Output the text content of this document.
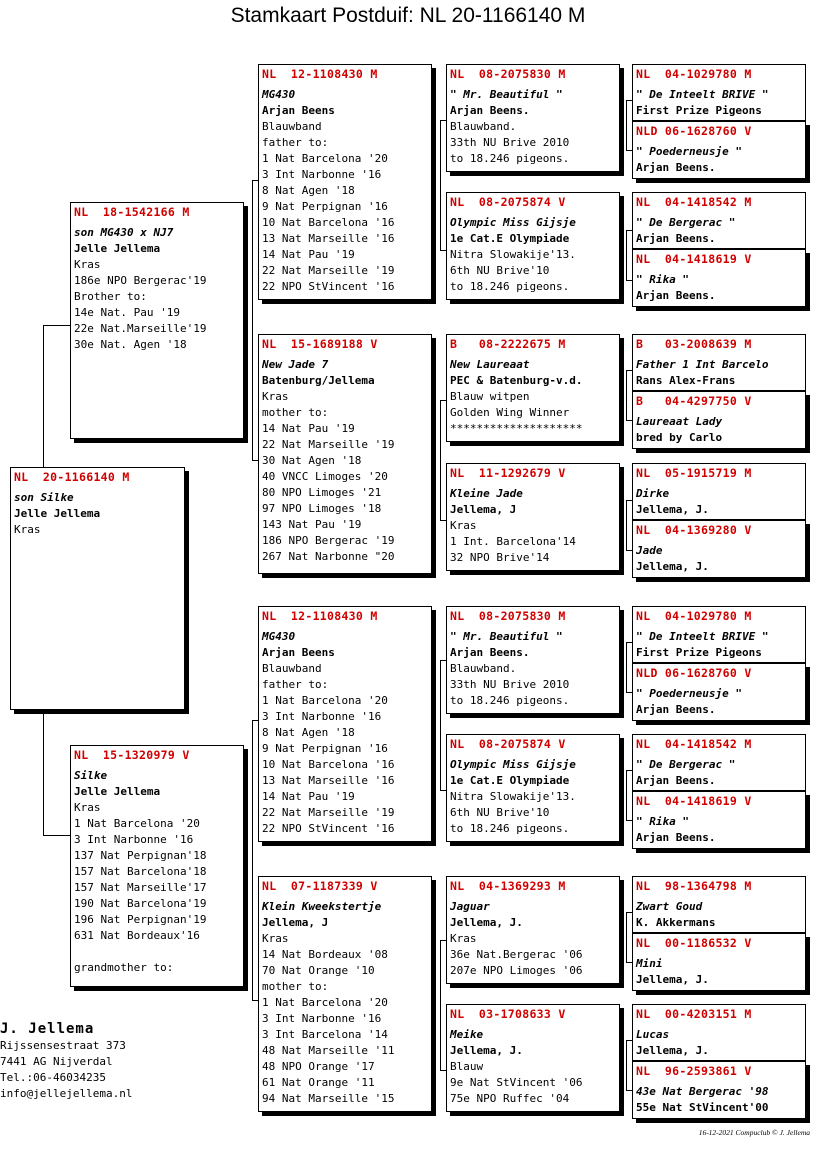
Stamkaart Postduif: NL 20-1166140 M
NL  20-1166140 M
son Silke
Jelle Jellema
Kras
NL  18-1542166 M
son MG430 x NJ7
Jelle Jellema
Kras
186e NPO Bergerac'19
Brother to:
14e Nat. Pau '19
22e Nat.Marseille'19
30e Nat. Agen '18
NL  15-1320979 V
Silke
Jelle Jellema
Kras
1 Nat Barcelona '20
3 Int Narbonne '16
137 Nat Perpignan'18
157 Nat Barcelona'18
157 Nat Marseille'17
190 Nat Barcelona'19
196 Nat Perpignan'19
631 Nat Bordeaux'16
grandmother to:
NL  12-1108430 M
MG430
Arjan Beens
Blauwband
father to:
1 Nat Barcelona '20
3 Int Narbonne '16
8 Nat Agen '18
9 Nat Perpignan '16
10 Nat Barcelona '16
13 Nat Marseille '16
14 Nat Pau '19
22 Nat Marseille '19
22 NPO StVincent '16
NL  15-1689188 V
New Jade 7
Batenburg/Jellema
Kras
mother to:
14 Nat Pau '19
22 Nat Marseille '19
30 Nat Agen '18
40 VNCC Limoges '20
80 NPO Limoges '21
97 NPO Limoges '18
143 Nat Pau '19
186 NPO Bergerac '19
267 Nat Narbonne "20
NL  12-1108430 M
MG430
Arjan Beens
Blauwband
father to:
1 Nat Barcelona '20
3 Int Narbonne '16
8 Nat Agen '18
9 Nat Perpignan '16
10 Nat Barcelona '16
13 Nat Marseille '16
14 Nat Pau '19
22 Nat Marseille '19
22 NPO StVincent '16
NL  07-1187339 V
Klein Kweekstertje
Jellema, J
Kras
14 Nat Bordeaux '08
70 Nat Orange '10
mother to:
1 Nat Barcelona '20
3 Int Narbonne '16
3 Int Barcelona '14
48 Nat Marseille '11
48 NPO Orange '17
61 Nat Orange '11
94 Nat Marseille '15
NL  08-2075830 M
" Mr. Beautiful "
Arjan Beens.
Blauwband.
33th NU Brive 2010
to 18.246 pigeons.
NL  08-2075874 V
Olympic Miss Gijsje
1e Cat.E Olympiade
Nitra Slowakije'13.
6th NU Brive'10
to 18.246 pigeons.
B   08-2222675 M
New Laureaat
PEC & Batenburg-v.d.
Blauw witpen
Golden Wing Winner
********************
NL  11-1292679 V
Kleine Jade
Jellema, J
Kras
1 Int. Barcelona'14
32 NPO Brive'14
NL  08-2075830 M
" Mr. Beautiful "
Arjan Beens.
Blauwband.
33th NU Brive 2010
to 18.246 pigeons.
NL  08-2075874 V
Olympic Miss Gijsje
1e Cat.E Olympiade
Nitra Slowakije'13.
6th NU Brive'10
to 18.246 pigeons.
NL  04-1369293 M
Jaguar
Jellema, J.
Kras
36e Nat.Bergerac '06
207e NPO Limoges '06
NL  03-1708633 V
Meike
Jellema, J.
Blauw
9e Nat StVincent '06
75e NPO Ruffec '04
NL  04-1029780 M
" De Inteelt BRIVE "
First Prize Pigeons
NLD 06-1628760 V
" Poederneusje "
Arjan Beens.
NL  04-1418542 M
" De Bergerac "
Arjan Beens.
NL  04-1418619 V
" Rika "
Arjan Beens.
B   03-2008639 M
Father 1 Int Barcelo
Rans Alex-Frans
B   04-4297750 V
Laureaat Lady
bred by Carlo
NL  05-1915719 M
Dirke
Jellema, J.
NL  04-1369280 V
Jade
Jellema, J.
NL  04-1029780 M
" De Inteelt BRIVE "
First Prize Pigeons
NLD 06-1628760 V
" Poederneusje "
Arjan Beens.
NL  04-1418542 M
" De Bergerac "
Arjan Beens.
NL  04-1418619 V
" Rika "
Arjan Beens.
NL  98-1364798 M
Zwart Goud
K. Akkermans
NL  00-1186532 V
Mini
Jellema, J.
NL  00-4203151 M
Lucas
Jellema, J.
NL  96-2593861 V
43e Nat Bergerac '98
55e Nat StVincent'00
J. Jellema
Rijssensestraat 373
7441 AG Nijverdal
Tel.:06-46034235
info@jellejellema.nl
16-12-2021 Compuclub © J. Jellema
